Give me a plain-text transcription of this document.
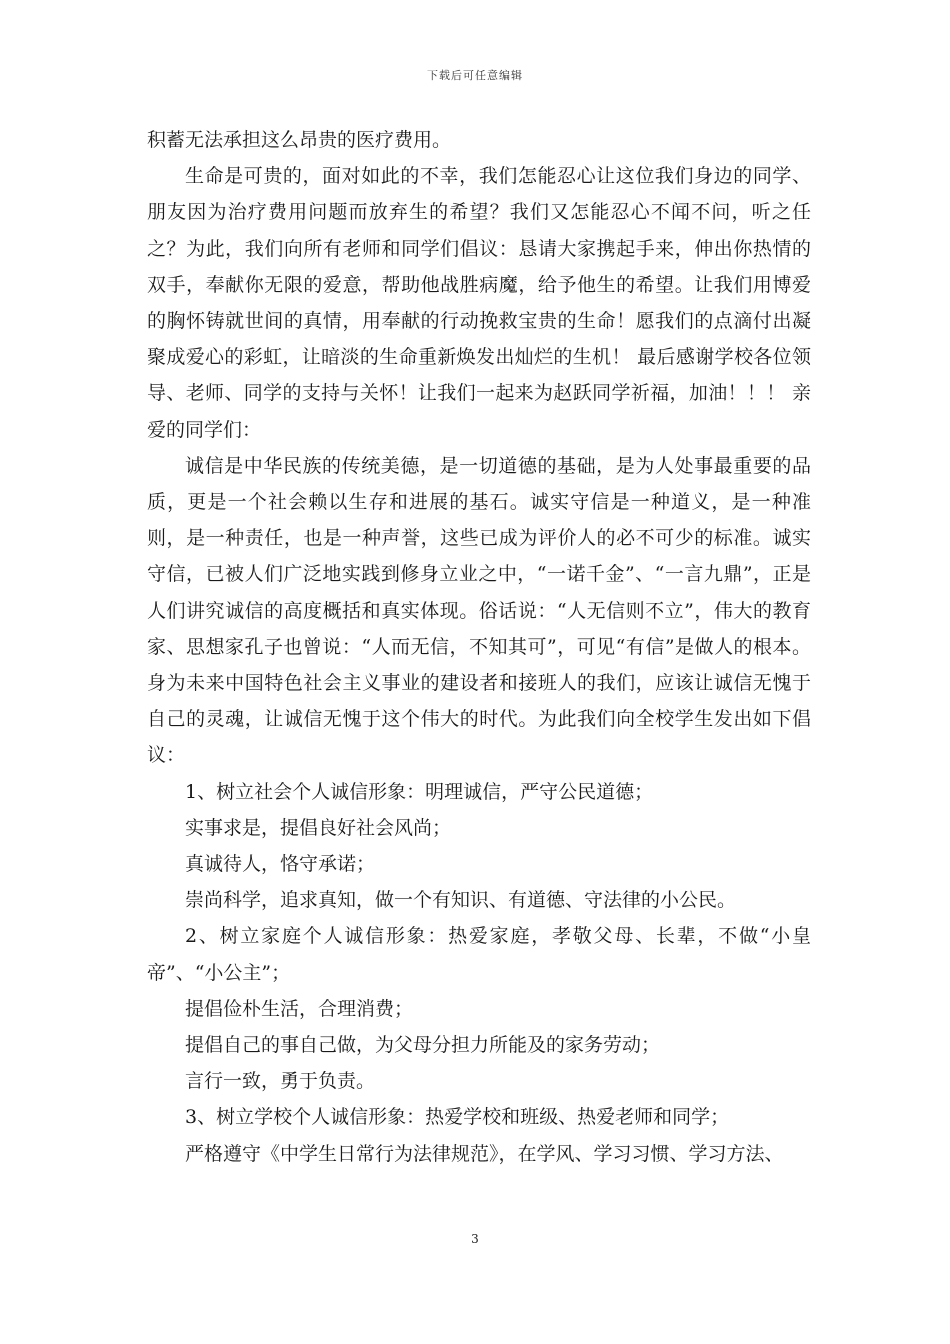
下载后可任意编辑

积蓄无法承担这么昂贵的医疗费用。

生命是可贵的，面对如此的不幸，我们怎能忍心让这位我们身边的同学、朋友因为治疗费用问题而放弃生的希望？我们又怎能忍心不闻不问，听之任之？为此，我们向所有老师和同学们倡议：恳请大家携起手来，伸出你热情的双手，奉献你无限的爱意，帮助他战胜病魔，给予他生的希望。让我们用博爱的胸怀铸就世间的真情，用奉献的行动挽救宝贵的生命！愿我们的点滴付出凝聚成爱心的彩虹，让暗淡的生命重新焕发出灿烂的生机！ 最后感谢学校各位领导、老师、同学的支持与关怀！让我们一起来为赵跃同学祈福，加油！！！ 亲爱的同学们：

诚信是中华民族的传统美德，是一切道德的基础，是为人处事最重要的品质，更是一个社会赖以生存和进展的基石。诚实守信是一种道义，是一种准则，是一种责任，也是一种声誉，这些已成为评价人的必不可少的标准。诚实守信，已被人们广泛地实践到修身立业之中，“一诺千金”、“一言九鼎”，正是人们讲究诚信的高度概括和真实体现。俗话说：“人无信则不立”，伟大的教育家、思想家孔子也曾说：“人而无信，不知其可”，可见“有信”是做人的根本。身为未来中国特色社会主义事业的建设者和接班人的我们，应该让诚信无愧于自己的灵魂，让诚信无愧于这个伟大的时代。为此我们向全校学生发出如下倡议：

1、树立社会个人诚信形象：明理诚信，严守公民道德；

实事求是，提倡良好社会风尚；

真诚待人，恪守承诺；

崇尚科学，追求真知，做一个有知识、有道德、守法律的小公民。

2、树立家庭个人诚信形象：热爱家庭，孝敬父母、长辈，不做“小皇帝”、“小公主”；

提倡俭朴生活，合理消费；

提倡自己的事自己做，为父母分担力所能及的家务劳动；

言行一致，勇于负责。

3、树立学校个人诚信形象：热爱学校和班级、热爱老师和同学；

严格遵守《中学生日常行为法律规范》，在学风、学习习惯、学习方法、

3
